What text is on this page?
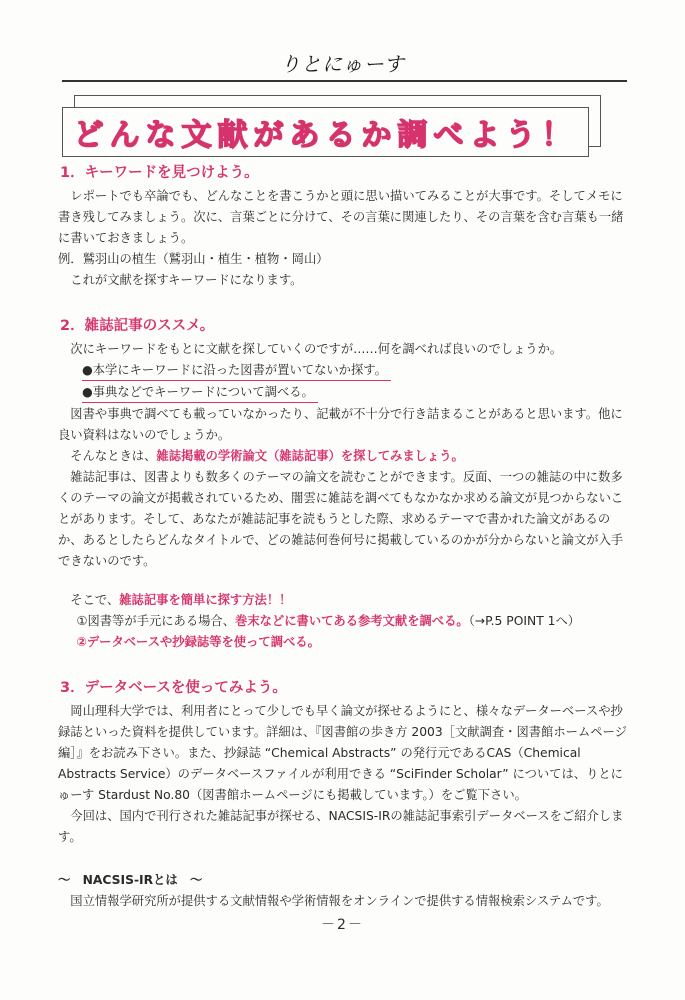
りとにゅーす
どんな文献があるか調べよう！
1．キーワードを見つけよう。

レポートでも卒論でも、どんなことを書こうかと頭に思い描いてみることが大事です。そしてメモに書き残してみましょう。次に、言葉ごとに分けて、その言葉に関連したり、その言葉を含む言葉も一緒に書いておきましょう。

例．鷲羽山の植生（鷲羽山・植生・植物・岡山）

これが文献を探すキーワードになります。

2．雑誌記事のススメ。

次にキーワードをもとに文献を探していくのですが……何を調べれば良いのでしょうか。

●本学にキーワードに沿った図書が置いてないか探す。
●事典などでキーワードについて調べる。

図書や事典で調べても載っていなかったり、記載が不十分で行き詰まることがあると思います。他に良い資料はないのでしょうか。

そんなときは、雑誌掲載の学術論文（雑誌記事）を探してみましょう。

雑誌記事は、図書よりも数多くのテーマの論文を読むことができます。反面、一つの雑誌の中に数多くのテーマの論文が掲載されているため、闇雲に雑誌を調べてもなかなか求める論文が見つからないことがあります。そして、あなたが雑誌記事を読もうとした際、求めるテーマで書かれた論文があるのか、あるとしたらどんなタイトルで、どの雑誌何巻何号に掲載しているのかが分からないと論文が入手できないのです。

そこで、雑誌記事を簡単に探す方法！！

①図書等が手元にある場合、巻末などに書いてある参考文献を調べる。（→P.5 POINT 1へ）

②データベースや抄録誌等を使って調べる。

3．データベースを使ってみよう。

岡山理科大学では、利用者にとって少しでも早く論文が探せるようにと、様々なデーターベースや抄録誌といった資料を提供しています。詳細は、『図書館の歩き方 2003［文献調査・図書館ホームページ編］』をお読み下さい。また、抄録誌 “Chemical Abstracts” の発行元であるCAS（Chemical Abstracts Service）のデータベースファイルが利用できる “SciFinder Scholar” については、りとにゅーす Stardust No.80（図書館ホームページにも掲載しています。）をご覧下さい。

今回は、国内で刊行された雑誌記事が探せる、NACSIS-IRの雑誌記事索引データベースをご紹介します。

～　NACSIS-IRとは　～

国立情報学研究所が提供する文献情報や学術情報をオンラインで提供する情報検索システムです。

－2－
